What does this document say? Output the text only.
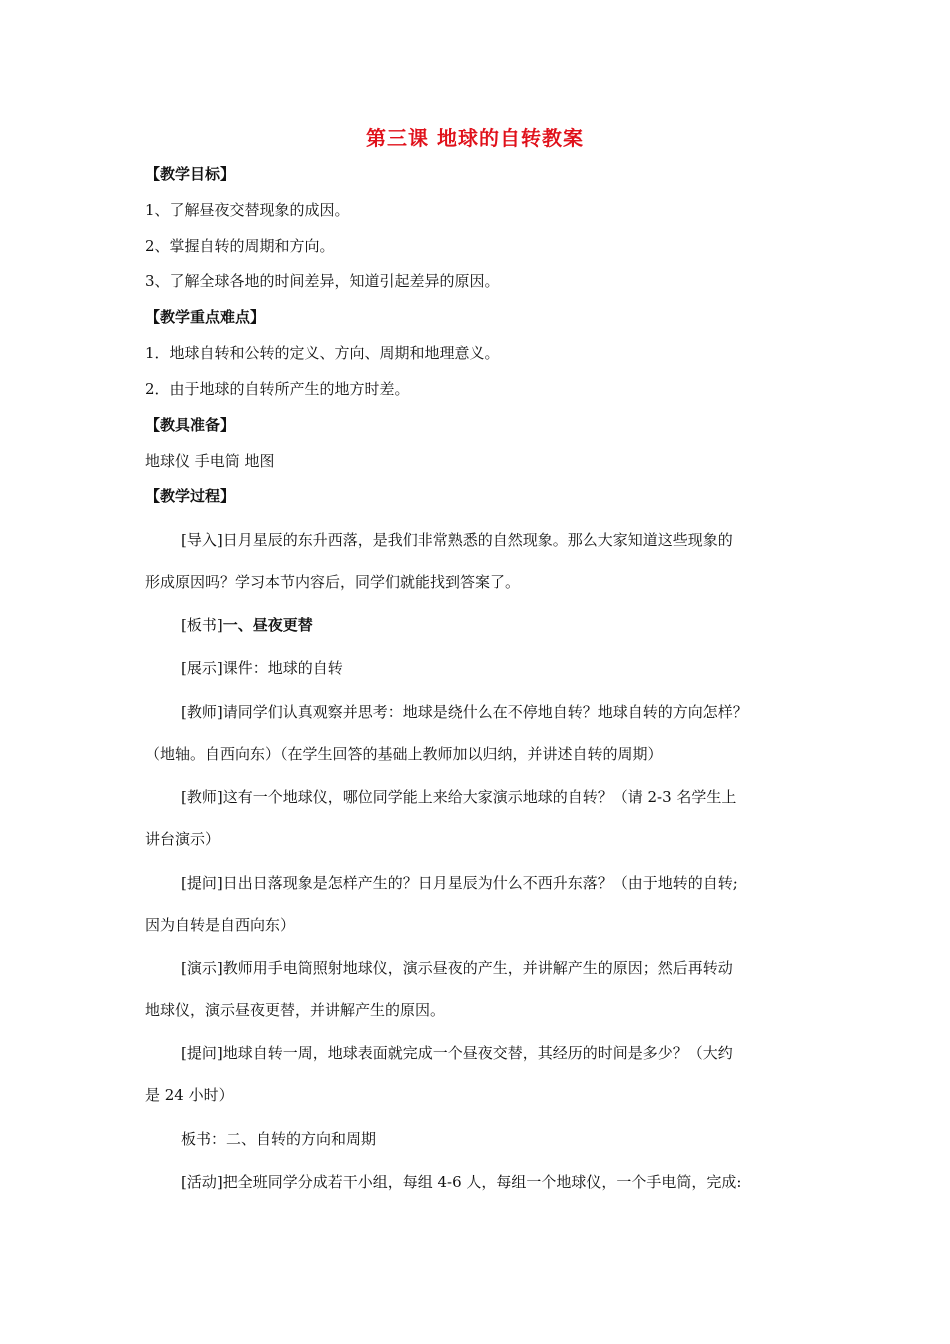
第三课 地球的自转教案
【教学目标】
1、了解昼夜交替现象的成因。
2、掌握自转的周期和方向。
3、了解全球各地的时间差异，知道引起差异的原因。
【教学重点难点】
1．地球自转和公转的定义、方向、周期和地理意义。
2．由于地球的自转所产生的地方时差。
【教具准备】
地球仪 手电筒 地图
【教学过程】
[导入]日月星辰的东升西落，是我们非常熟悉的自然现象。那么大家知道这些现象的
形成原因吗？学习本节内容后，同学们就能找到答案了。
[板书]一、昼夜更替
[展示]课件：地球的自转
[教师]请同学们认真观察并思考：地球是绕什么在不停地自转？地球自转的方向怎样？
（地轴。自西向东）（在学生回答的基础上教师加以归纳，并讲述自转的周期）
[教师]这有一个地球仪，哪位同学能上来给大家演示地球的自转？（请 2-3 名学生上
讲台演示）
[提问]日出日落现象是怎样产生的？日月星辰为什么不西升东落？（由于地转的自转;
因为自转是自西向东）
[演示]教师用手电筒照射地球仪，演示昼夜的产生，并讲解产生的原因；然后再转动
地球仪，演示昼夜更替，并讲解产生的原因。
[提问]地球自转一周，地球表面就完成一个昼夜交替，其经历的时间是多少？（大约
是 24 小时）
板书：二、自转的方向和周期
[活动]把全班同学分成若干小组，每组 4-6 人，每组一个地球仪，一个手电筒，完成:
